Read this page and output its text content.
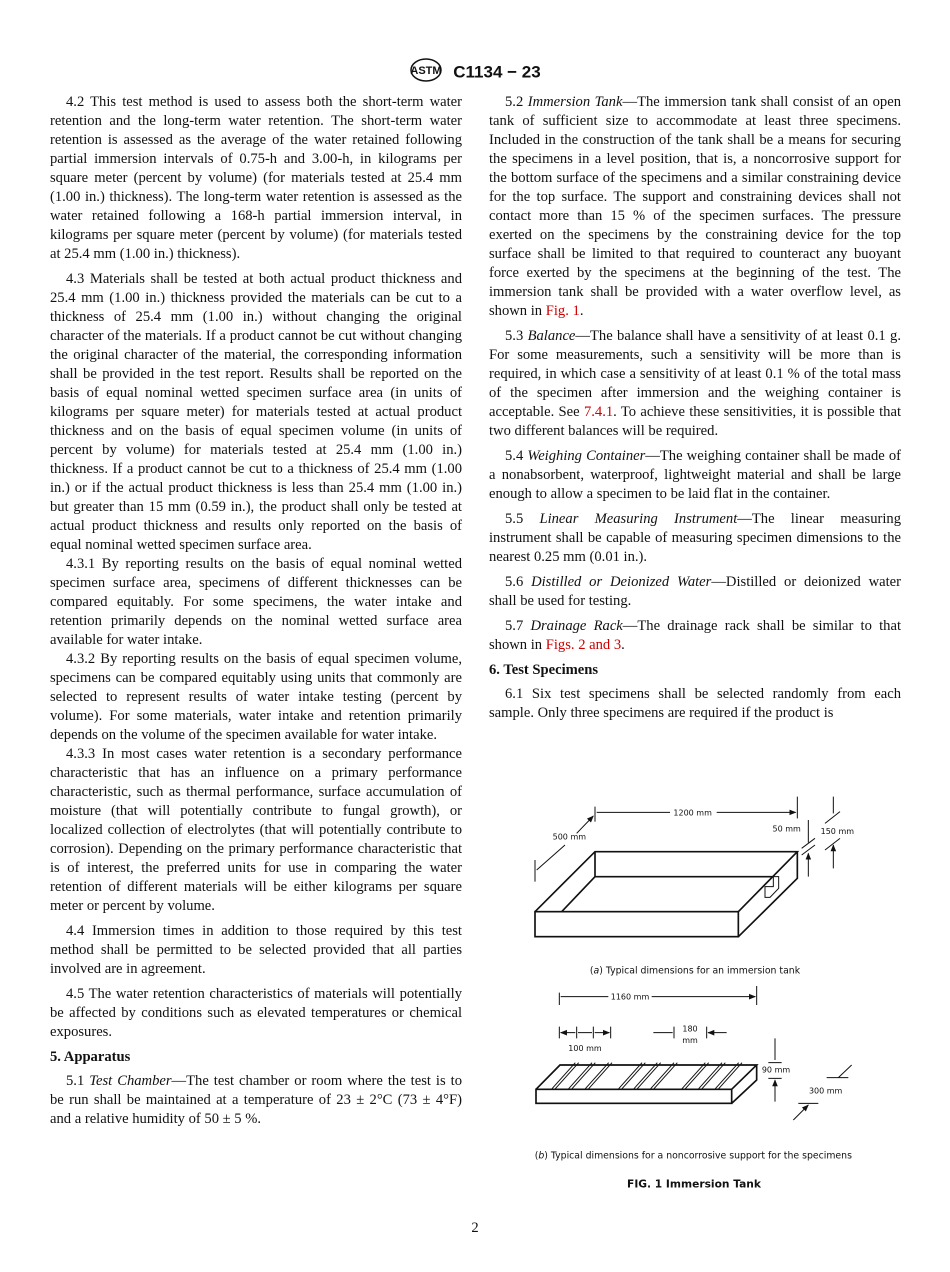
ASTM C1134 − 23

4.2 This test method is used to assess both the short-term water retention and the long-term water retention. The short-term water retention is assessed as the average of the water retained following partial immersion intervals of 0.75-h and 3.00-h, in kilograms per square meter (percent by volume) (for materials tested at 25.4 mm (1.00 in.) thickness). The long-term water retention is assessed as the water retained following a 168-h partial immersion interval, in kilograms per square meter (percent by volume) (for materials tested at 25.4 mm (1.00 in.) thickness).

4.3 Materials shall be tested at both actual product thickness and 25.4 mm (1.00 in.) thickness provided the materials can be cut to a thickness of 25.4 mm (1.00 in.) without changing the original character of the materials. If a product cannot be cut without changing the original character of the material, the corresponding information shall be provided in the test report. Results shall be reported on the basis of equal nominal wetted specimen surface area (in units of kilograms per square meter) for materials tested at actual product thickness and on the basis of equal specimen volume (in units of percent by volume) for materials tested at 25.4 mm (1.00 in.) thickness. If a product cannot be cut to a thickness of 25.4 mm (1.00 in.) or if the actual product thickness is less than 25.4 mm (1.00 in.) but greater than 15 mm (0.59 in.), the product shall only be tested at actual product thickness and results only reported on the basis of equal nominal wetted specimen surface area.

4.3.1 By reporting results on the basis of equal nominal wetted specimen surface area, specimens of different thicknesses can be compared equitably. For some specimens, the water intake and retention primarily depends on the nominal wetted surface area available for water intake.

4.3.2 By reporting results on the basis of equal specimen volume, specimens can be compared equitably using units that commonly are selected to represent results of water intake testing (percent by volume). For some materials, water intake and retention primarily depends on the volume of the specimen available for water intake.

4.3.3 In most cases water retention is a secondary performance characteristic that has an influence on a primary performance characteristic, such as thermal performance, surface accumulation of moisture (that will potentially contribute to fungal growth), or localized collection of electrolytes (that will potentially contribute to corrosion). Depending on the primary performance characteristic that is of interest, the preferred units for use in comparing the water retention of different materials will be either kilograms per square meter or percent by volume.

4.4 Immersion times in addition to those required by this test method shall be permitted to be selected provided that all parties involved are in agreement.

4.5 The water retention characteristics of materials will potentially be affected by conditions such as elevated temperatures or chemical exposures.

5. Apparatus

5.1 Test Chamber—The test chamber or room where the test is to be run shall be maintained at a temperature of 23 ± 2°C (73 ± 4°F) and a relative humidity of 50 ± 5 %.

5.2 Immersion Tank—The immersion tank shall consist of an open tank of sufficient size to accommodate at least three specimens. Included in the construction of the tank shall be a means for securing the specimens in a level position, that is, a noncorrosive support for the bottom surface of the specimens and a similar constraining device for the top surface. The support and constraining devices shall not contact more than 15 % of the specimen surfaces. The pressure exerted on the specimens by the constraining device for the top surface shall be limited to that required to counteract any buoyant force exerted by the specimens at the beginning of the test. The immersion tank shall be provided with a water overflow level, as shown in Fig. 1.

5.3 Balance—The balance shall have a sensitivity of at least 0.1 g. For some measurements, such a sensitivity will be more than is required, in which case a sensitivity of at least 0.1 % of the total mass of the specimen after immersion and the weighing container is acceptable. See 7.4.1. To achieve these sensitivities, it is possible that two different balances will be required.

5.4 Weighing Container—The weighing container shall be made of a nonabsorbent, waterproof, lightweight material and shall be large enough to allow a specimen to be laid flat in the container.

5.5 Linear Measuring Instrument—The linear measuring instrument shall be capable of measuring specimen dimensions to the nearest 0.25 mm (0.01 in.).

5.6 Distilled or Deionized Water—Distilled or deionized water shall be used for testing.

5.7 Drainage Rack—The drainage rack shall be similar to that shown in Figs. 2 and 3.

6. Test Specimens

6.1 Six test specimens shall be selected randomly from each sample. Only three specimens are required if the product is

1200 mm
500 mm
50 mm 150 mm
(a) Typical dimensions for an immersion tank
1160 mm
100 mm
180
mm
90 mm
300 mm
(b) Typical dimensions for a noncorrosive support for the specimens
FIG. 1 Immersion Tank
2
